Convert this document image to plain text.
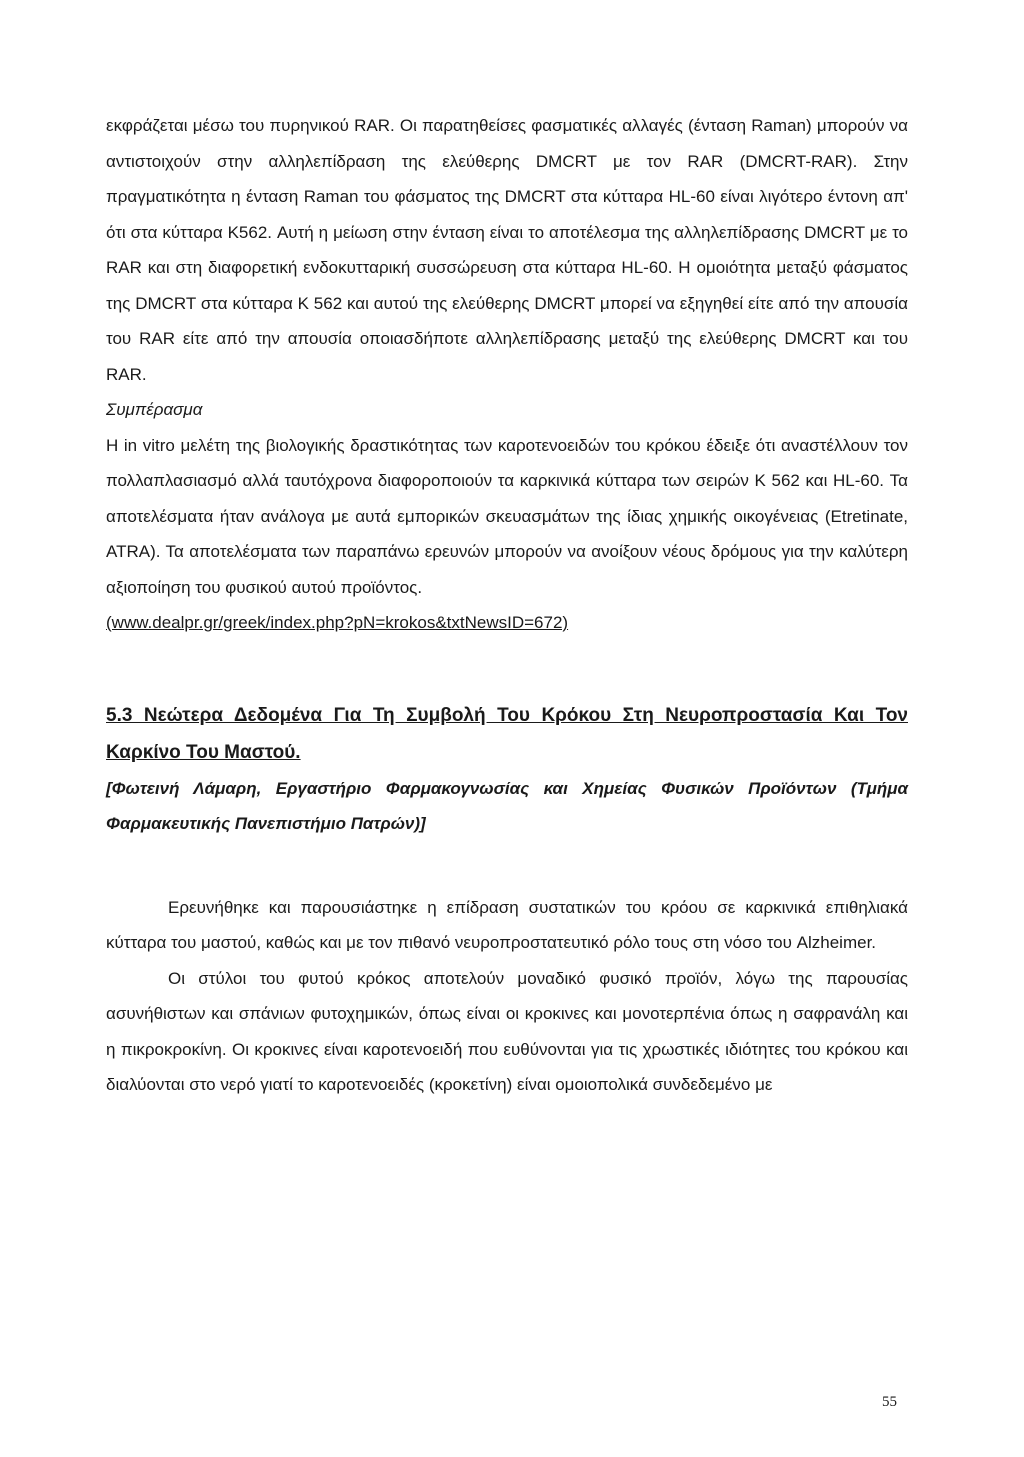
εκφράζεται μέσω του πυρηνικού RAR. Οι παρατηθείσες φασματικές αλλαγές (ένταση Raman) μπορούν να αντιστοιχούν στην αλληλεπίδραση της ελεύθερης DMCRT με τον RAR (DMCRT-RAR). Στην πραγματικότητα η ένταση Raman του φάσματος της DMCRT στα κύτταρα HL-60 είναι λιγότερο έντονη απ' ότι στα κύτταρα K562. Αυτή η μείωση στην ένταση είναι το αποτέλεσμα της αλληλεπίδρασης DMCRT με το RAR και στη διαφορετική ενδοκυτταρική συσσώρευση στα κύτταρα HL-60. Η ομοιότητα μεταξύ φάσματος της DMCRT στα κύτταρα K 562 και αυτού της ελεύθερης DMCRT μπορεί να εξηγηθεί είτε από την απουσία του RAR είτε από την απουσία οποιασδήποτε αλληλεπίδρασης μεταξύ της ελεύθερης DMCRT και του RAR.

Συμπέρασμα

Η in vitro μελέτη της βιολογικής δραστικότητας των καροτενοειδών του κρόκου έδειξε ότι αναστέλλουν τον πολλαπλασιασμό αλλά ταυτόχρονα διαφοροποιούν τα καρκινικά κύτταρα των σειρών K 562 και HL-60. Τα αποτελέσματα ήταν ανάλογα με αυτά εμπορικών σκευασμάτων της ίδιας χημικής οικογένειας (Etretinate, ATRA). Τα αποτελέσματα των παραπάνω ερευνών μπορούν να ανοίξουν νέους δρόμους για την καλύτερη αξιοποίηση του φυσικού αυτού προϊόντος.

(www.dealpr.gr/greek/index.php?pN=krokos&txtNewsID=672)

5.3 Νεώτερα Δεδομένα Για Τη Συμβολή Του Κρόκου Στη Νευροπροστασία Και Τον Καρκίνο Του Μαστού.

[Φωτεινή Λάμαρη, Εργαστήριο Φαρμακογνωσίας και Χημείας Φυσικών Προϊόντων (Τμήμα Φαρμακευτικής Πανεπιστήμιο Πατρών)]

Ερευνήθηκε και παρουσιάστηκε η επίδραση συστατικών του κρόου σε καρκινικά επιθηλιακά κύτταρα του μαστού, καθώς και με τον πιθανό νευροπροστατευτικό ρόλο τους στη νόσο του Alzheimer.

Οι στύλοι του φυτού κρόκος αποτελούν μοναδικό φυσικό προϊόν, λόγω της παρουσίας ασυνήθιστων και σπάνιων φυτοχημικών, όπως είναι οι κροκινες και μονοτερπένια όπως η σαφρανάλη και η πικροκροκίνη. Οι κροκινες είναι καροτενοειδή που ευθύνονται για τις χρωστικές ιδιότητες του κρόκου και διαλύονται στο νερό γιατί το καροτενοειδές (κροκετίνη) είναι ομοιοπολικά συνδεδεμένο με

55
